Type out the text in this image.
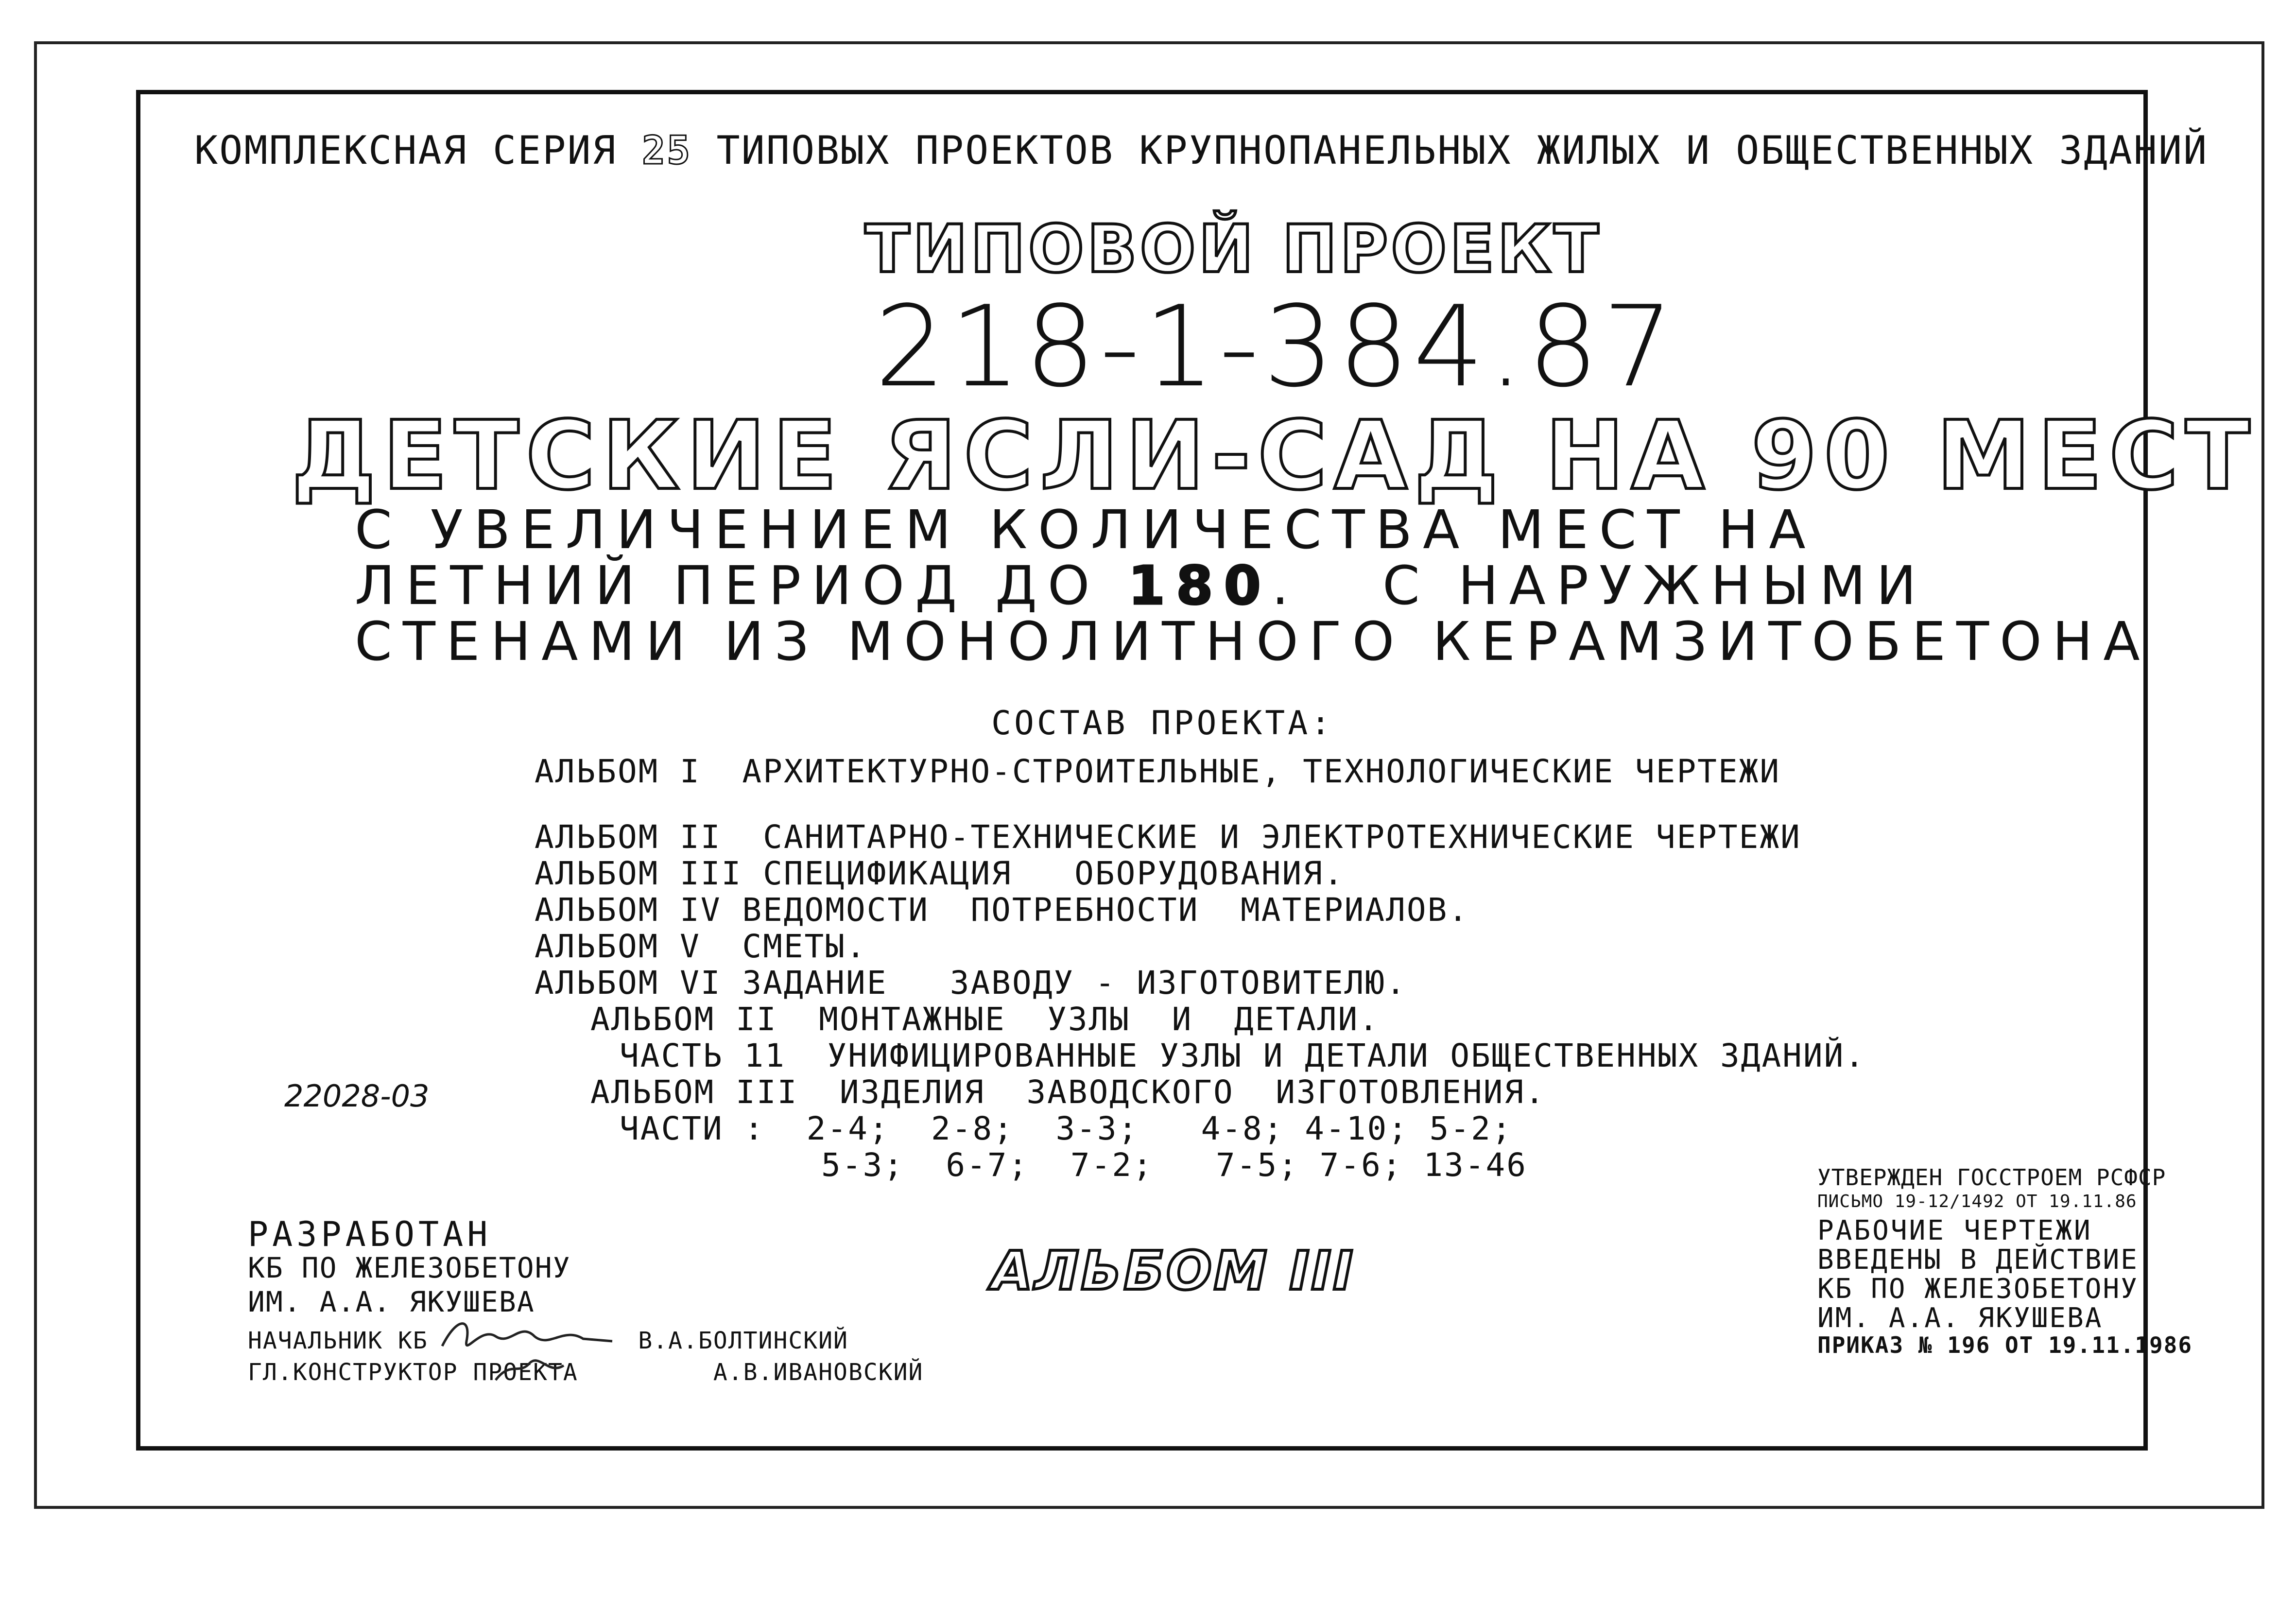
КОМПЛЕКСНАЯ СЕРИЯ 25 ТИПОВЫХ ПРОЕКТОВ КРУПНОПАНЕЛЬНЫХ ЖИЛЫХ И ОБЩЕСТВЕННЫХ ЗДАНИЙ
ТИПОВОЙ ПРОЕКТ
218-1-384.87
ДЕТСКИЕ ЯСЛИ-САД НА 90 МЕСТ
С УВЕЛИЧЕНИЕМ КОЛИЧЕСТВА МЕСТ НА
ЛЕТНИЙ ПЕРИОД ДО 180.   С НАРУЖНЫМИ
СТЕНАМИ ИЗ МОНОЛИТНОГО КЕРАМЗИТОБЕТОНА
СОСТАВ ПРОЕКТА:
АЛЬБОМ I  АРХИТЕКТУРНО-СТРОИТЕЛЬНЫЕ, ТЕХНОЛОГИЧЕСКИЕ ЧЕРТЕЖИ
АЛЬБОМ II  САНИТАРНО-ТЕХНИЧЕСКИЕ И ЭЛЕКТРОТЕХНИЧЕСКИЕ ЧЕРТЕЖИ
АЛЬБОМ III СПЕЦИФИКАЦИЯ   ОБОРУДОВАНИЯ.
АЛЬБОМ IV ВЕДОМОСТИ  ПОТРЕБНОСТИ  МАТЕРИАЛОВ.
АЛЬБОМ V  СМЕТЫ.
АЛЬБОМ VI ЗАДАНИЕ   ЗАВОДУ - ИЗГОТОВИТЕЛЮ.
АЛЬБОМ II  МОНТАЖНЫЕ  УЗЛЫ  И  ДЕТАЛИ.
ЧАСТЬ 11  УНИФИЦИРОВАННЫЕ УЗЛЫ И ДЕТАЛИ ОБЩЕСТВЕННЫХ ЗДАНИЙ.
АЛЬБОМ III  ИЗДЕЛИЯ  ЗАВОДСКОГО  ИЗГОТОВЛЕНИЯ.
ЧАСТИ :  2-4;  2-8;  3-3;   4-8; 4-10; 5-2;
5-3;  6-7;  7-2;   7-5; 7-6; 13-46
22028-03
РАЗРАБОТАН
КБ ПО ЖЕЛЕЗОБЕТОНУ
ИМ. А.А. ЯКУШЕВА
НАЧАЛЬНИК КБ              В.А.БОЛТИНСКИЙ
ГЛ.КОНСТРУКТОР ПРОЕКТА         А.В.ИВАНОВСКИЙ
АЛЬБОМ III
УТВЕРЖДЕН ГОССТРОЕМ РСФСР
ПИСЬМО 19-12/1492 ОТ 19.11.86
РАБОЧИЕ ЧЕРТЕЖИ
ВВЕДЕНЫ В ДЕЙСТВИЕ
КБ ПО ЖЕЛЕЗОБЕТОНУ
ИМ. А.А. ЯКУШЕВА
ПРИКАЗ № 196 ОТ 19.11.1986
